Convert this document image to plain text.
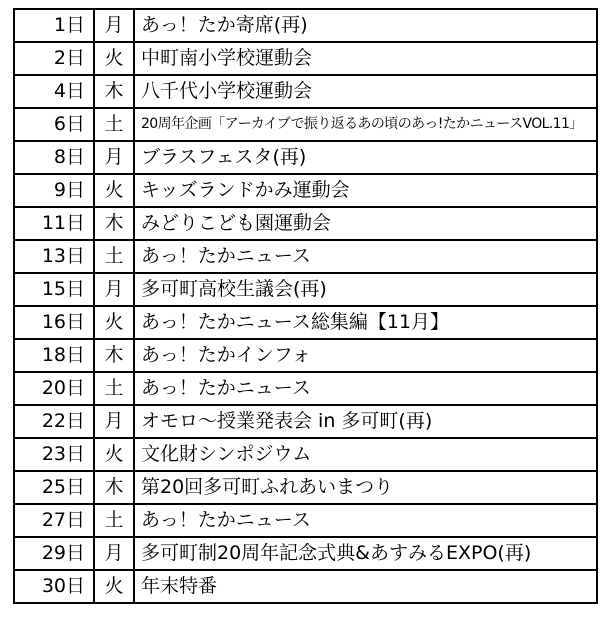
1日	月	あっ！たか寄席(再)
2日	火	中町南小学校運動会
4日	木	八千代小学校運動会
6日	土	20周年企画「アーカイブで振り返るあの頃のあっ!たかニュースVOL.11」
8日	月	ブラスフェスタ(再)
9日	火	キッズランドかみ運動会
11日	木	みどりこども園運動会
13日	土	あっ！たかニュース
15日	月	多可町高校生議会(再)
16日	火	あっ！たかニュース総集編【11月】
18日	木	あっ！たかインフォ
20日	土	あっ！たかニュース
22日	月	オモロ～授業発表会 in 多可町(再)
23日	火	文化財シンポジウム
25日	木	第20回多可町ふれあいまつり
27日	土	あっ！たかニュース
29日	月	多可町制20周年記念式典&あすみるEXPO(再)
30日	火	年末特番
